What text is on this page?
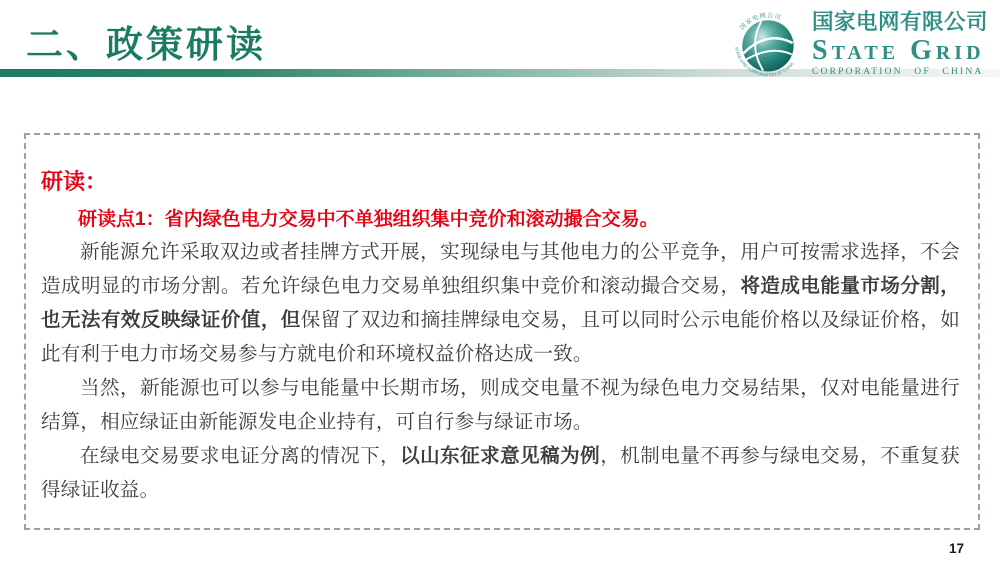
二、政策研读	国家电网公司
STATE GRID CORPORATION OF CHINA
国家电网有限公司
State Grid
CORPORATION OF CHINA
研读：
研读点1：省内绿色电力交易中不单独组织集中竞价和滚动撮合交易。

新能源允许采取双边或者挂牌方式开展，实现绿电与其他电力的公平竞争，用户可按需求选择，不会造成明显的市场分割。若允许绿色电力交易单独组织集中竞价和滚动撮合交易，将造成电能量市场分割，也无法有效反映绿证价值，但保留了双边和摘挂牌绿电交易，且可以同时公示电能价格以及绿证价格，如此有利于电力市场交易参与方就电价和环境权益价格达成一致。

当然，新能源也可以参与电能量中长期市场，则成交电量不视为绿色电力交易结果，仅对电能量进行结算，相应绿证由新能源发电企业持有，可自行参与绿证市场。

在绿电交易要求电证分离的情况下，以山东征求意见稿为例，机制电量不再参与绿电交易，不重复获得绿证收益。

17
